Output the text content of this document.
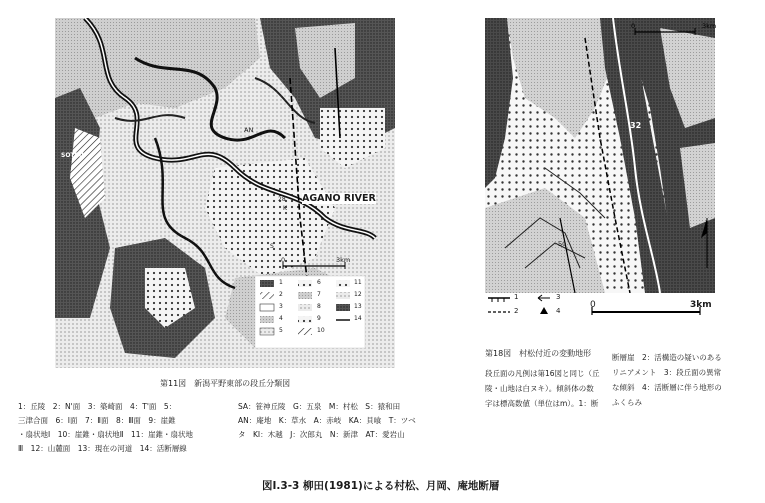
AGANO RIVER
AN
28
K
S
SOTSU
0	3km
1
2
3
4
5
6
7
8
9
10
11
12
13
14
第11図　新潟平野東部の段丘分類図
1：丘陵　2：N'面　3：築崎面　4：T'面　5：
三津合面　6：Ⅰ面　7：Ⅱ面　8：Ⅲ面　9：崖錐
・扇状地Ⅰ　10：崖錐・扇状地Ⅱ　11：崖錐・扇状地
Ⅲ　12：山麓面　13：現在の河道　14：活断層線
SA：笹神丘陵　G：五泉　M：村松　S：猿和田
AN：庵地　K：草水　A：赤岐　KA：貝喰　T：ツベ
タ　KI：木越　J：次郎丸　N：新津　AT：愛岩山
32
50
0	3km
1
2
3
4
0	3km
第18図　村松付近の変動地形
段丘面の凡例は第16図と同じ（丘
陵・山地は白ヌキ）。傾斜体の数
字は標高数値（単位はm）。1：断
断層崖　2：活構造の疑いのある
リニアメント　3：段丘面の異常
な傾斜　4：活断層に伴う地形の
ふくらみ
図I.3-3 柳田(1981)による村松、月岡、庵地断層
